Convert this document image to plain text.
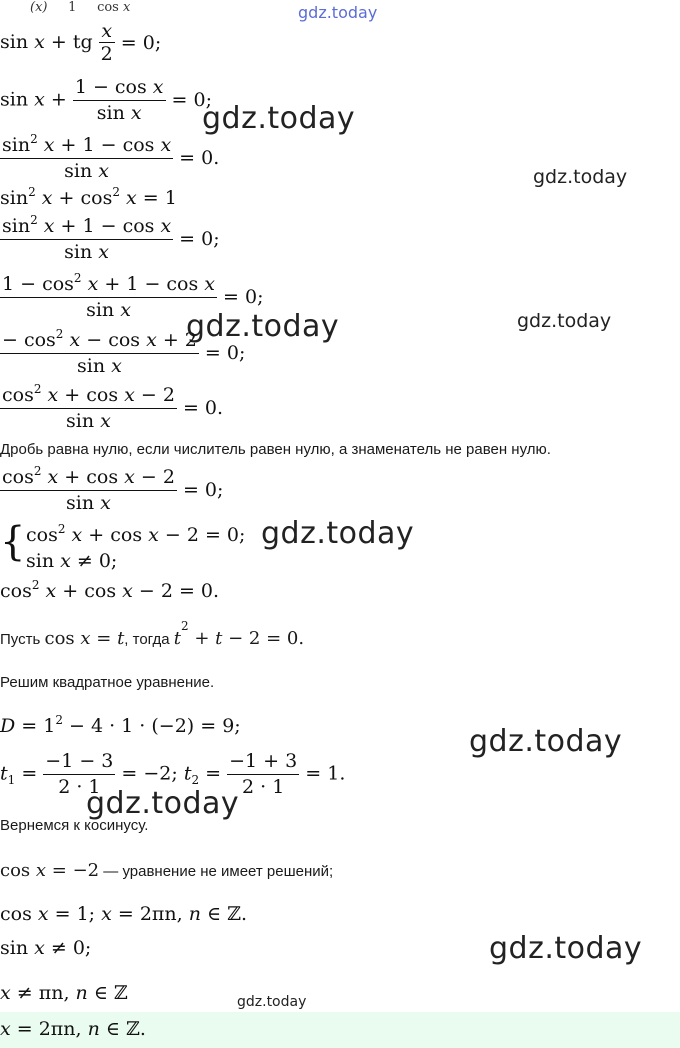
(x)     1     cos x	gdz.today
gdz.today
gdz.today
gdz.today	gdz.today
gdz.today
gdz.today
gdz.today
gdz.today
gdz.today
sin x + tg $\frac{x}{2} = 0$;
$\sin x + \frac{\text{1 − cos x}}{\text{sin x}} = 0$;
$\frac{\sin^2 x + 1 - \cos x}{\text{sin x}} = 0$.
$\sin^2 x + \cos^2 x = 1$
$\frac{\sin^2 x + 1 - \cos x}{\text{sin x}} = 0$;
$\frac{1 - \cos^2 x + 1 - \cos x}{\text{sin x}} = 0$;
$\frac{- \cos^2 x - \cos x + 2}{\text{sin x}} = 0$;
$\frac{\cos^2 x + \cos x - 2}{\text{sin x}} = 0$.
Дробь равна нулю, если числитель равен нулю, а знаменатель не равен нулю.
$\frac{\cos^2 x + \cos x - 2}{\text{sin x}} = 0$;
{ $\cos^2 x + \cos x - 2 = 0$;
sin x ≠ 0;
$\cos^2 x + \cos x - 2 = 0$.
Пусть cos x = t, тогда $t^2 + t - 2 = 0$.
Решим квадратное уравнение.
$D = 1^2 - 4 \cdot 1 \cdot (-2) = 9$;
$t_1 = \frac{-1 - 3}{2 \cdot 1} = -2$; $t_2 = \frac{-1 + 3}{2 \cdot 1} = 1$.
Вернемся к косинусу.
cos x = −2 — уравнение не имеет решений;
cos x = 1; x = 2πn, n ∈ ℤ.
sin x ≠ 0;
x ≠ πn, n ∈ ℤ
x = 2πn, n ∈ ℤ.
